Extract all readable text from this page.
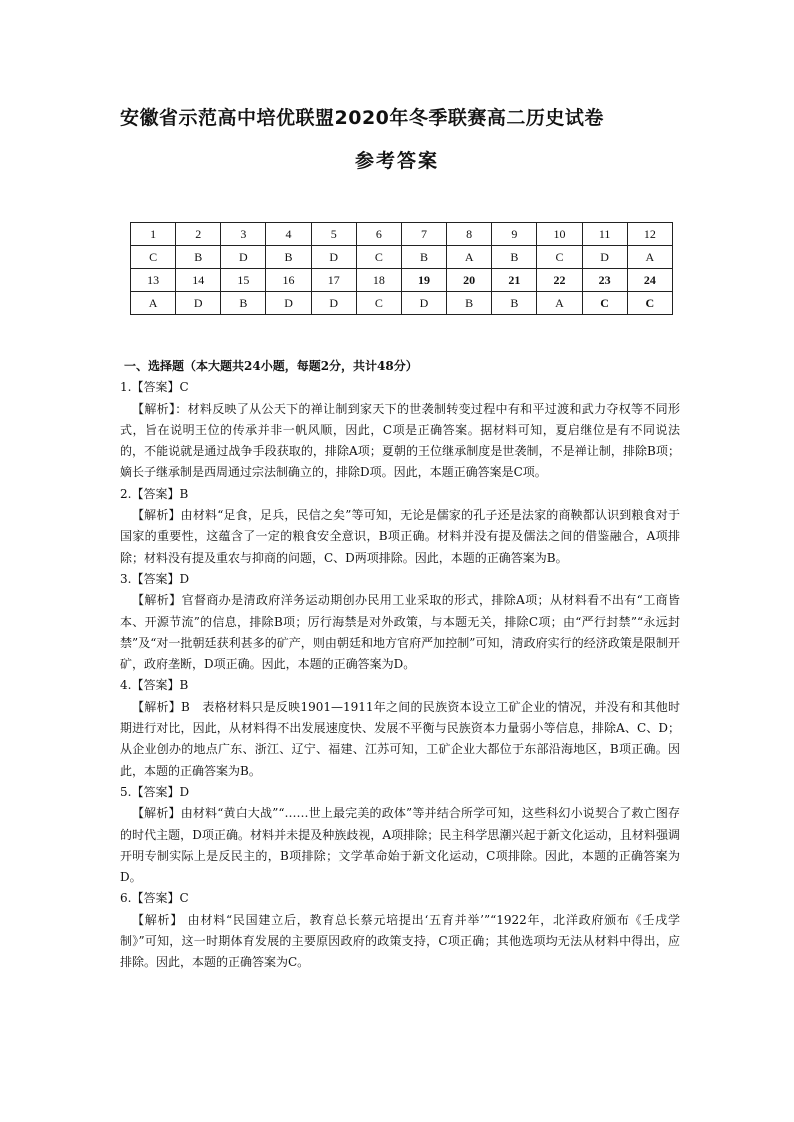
安徽省示范高中培优联盟2020年冬季联赛高二历史试卷
参考答案
1	2	3	4	5	6	7	8	9	10	11	12
C	B	D	B	D	C	B	A	B	C	D	A
13	14	15	16	17	18	19	20	21	22	23	24
A	D	B	D	D	C	D	B	B	A	C	C
一、选择题（本大题共24小题，每题2分，共计48分）
1.【答案】C
【解析】：材料反映了从公天下的禅让制到家天下的世袭制转变过程中有和平过渡和武力夺权等不同形式，旨在说明王位的传承并非一帆风顺，因此，C项是正确答案。据材料可知，夏启继位是有不同说法的，不能说就是通过战争手段获取的，排除A项；夏朝的王位继承制度是世袭制，不是禅让制，排除B项；嫡长子继承制是西周通过宗法制确立的，排除D项。因此，本题正确答案是C项。
2.【答案】B
【解析】由材料“足食，足兵，民信之矣”等可知，无论是儒家的孔子还是法家的商鞅都认识到粮食对于国家的重要性，这蕴含了一定的粮食安全意识，B项正确。材料并没有提及儒法之间的借鉴融合，A项排除；材料没有提及重农与抑商的问题，C、D两项排除。因此，本题的正确答案为B。
3.【答案】D
【解析】官督商办是清政府洋务运动期创办民用工业采取的形式，排除A项；从材料看不出有“工商皆本、开源节流”的信息，排除B项；厉行海禁是对外政策，与本题无关，排除C项；由“严行封禁”“永远封禁”及“对一批朝廷获利甚多的矿产，则由朝廷和地方官府严加控制”可知，清政府实行的经济政策是限制开矿，政府垄断，D项正确。因此，本题的正确答案为D。
4.【答案】B
【解析】B　表格材料只是反映1901—1911年之间的民族资本设立工矿企业的情况，并没有和其他时期进行对比，因此，从材料得不出发展速度快、发展不平衡与民族资本力量弱小等信息，排除A、C、D；从企业创办的地点广东、浙江、辽宁、福建、江苏可知，工矿企业大都位于东部沿海地区，B项正确。因此，本题的正确答案为B。
5.【答案】D
【解析】由材料“黄白大战”“……世上最完美的政体”等并结合所学可知，这些科幻小说契合了救亡图存的时代主题，D项正确。材料并未提及种族歧视，A项排除；民主科学思潮兴起于新文化运动，且材料强调开明专制实际上是反民主的，B项排除；文学革命始于新文化运动，C项排除。因此，本题的正确答案为D。
6.【答案】C
【解析】 由材料“民国建立后，教育总长蔡元培提出‘五育并举’”“1922年，北洋政府颁布《壬戌学制》”可知，这一时期体育发展的主要原因政府的政策支持，C项正确；其他选项均无法从材料中得出，应排除。因此，本题的正确答案为C。
